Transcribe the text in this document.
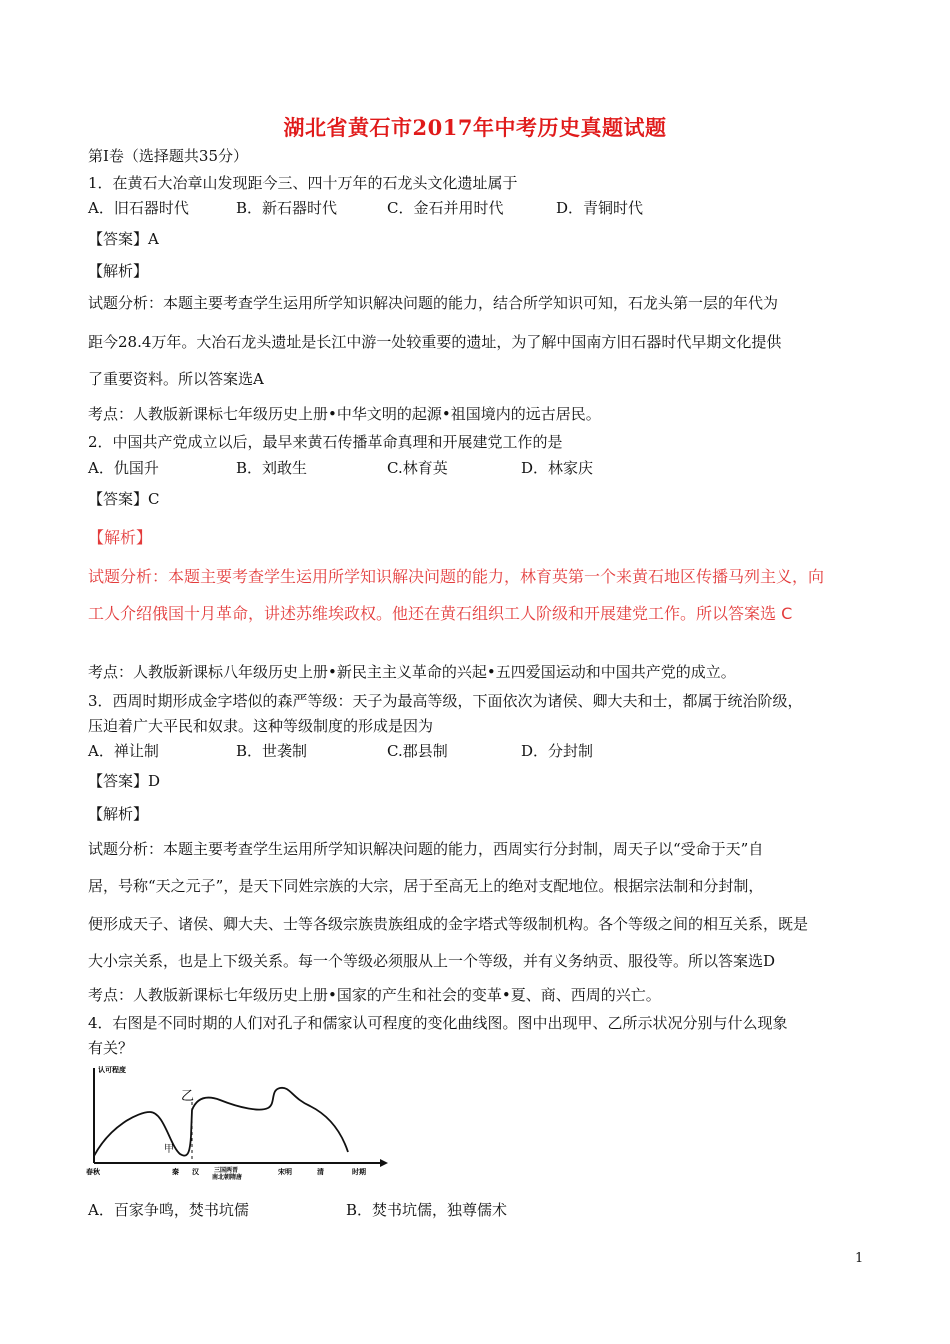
湖北省黄石市2017年中考历史真题试题
第Ⅰ卷（选择题共35分）
1．在黄石大冶章山发现距今三、四十万年的石龙头文化遗址属于
A．旧石器时代	B．新石器时代	C．金石并用时代	D．青铜时代
【答案】A
【解析】
试题分析：本题主要考查学生运用所学知识解决问题的能力，结合所学知识可知，石龙头第一层的年代为
距今28.4万年。大冶石龙头遗址是长江中游一处较重要的遗址，为了解中国南方旧石器时代早期文化提供
了重要资料。所以答案选A
考点：人教版新课标七年级历史上册•中华文明的起源•祖国境内的远古居民。
2．中国共产党成立以后，最早来黄石传播革命真理和开展建党工作的是
A．仇国升	B．刘敢生	C.林育英	D．林家庆
【答案】C
【解析】
试题分析：本题主要考查学生运用所学知识解决问题的能力，林育英第一个来黄石地区传播马列主义，向
工人介绍俄国十月革命，讲述苏维埃政权。他还在黄石组织工人阶级和开展建党工作。所以答案选 C
考点：人教版新课标八年级历史上册•新民主主义革命的兴起•五四爱国运动和中国共产党的成立。
3．西周时期形成金字塔似的森严等级：天子为最高等级，下面依次为诸侯、卿大夫和士，都属于统治阶级，
压迫着广大平民和奴隶。这种等级制度的形成是因为
A．禅让制	B．世袭制	C.郡县制	D．分封制
【答案】D
【解析】
试题分析：本题主要考查学生运用所学知识解决问题的能力，西周实行分封制，周天子以“受命于天”自
居，号称“天之元子”，是天下同姓宗族的大宗，居于至高无上的绝对支配地位。根据宗法制和分封制，
便形成天子、诸侯、卿大夫、士等各级宗族贵族组成的金字塔式等级制机构。各个等级之间的相互关系，既是
大小宗关系，也是上下级关系。每一个等级必须服从上一个等级，并有义务纳贡、服役等。所以答案选D
考点：人教版新课标七年级历史上册•国家的产生和社会的变革•夏、商、西周的兴亡。
4．右图是不同时期的人们对孔子和儒家认可程度的变化曲线图。图中出现甲、乙所示状况分别与什么现象
有关？
认可程度
乙
甲
春秋	秦 汉	三国两晋
南北朝隋唐
宋明	清	时期
A．百家争鸣，焚书坑儒	B．焚书坑儒，独尊儒术
1
